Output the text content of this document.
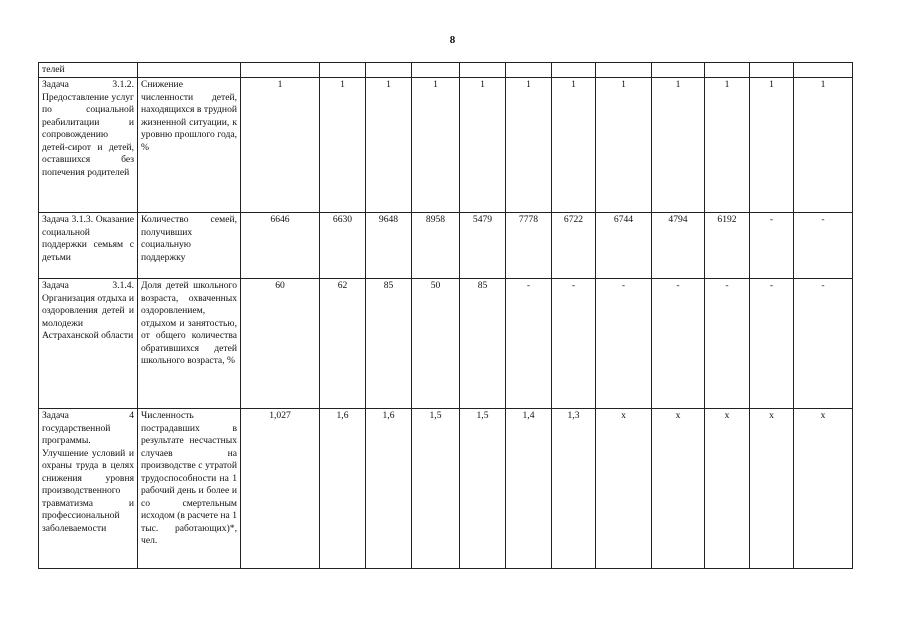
8
телей													
Задача 3.1.2. Предоставление услуг по социальной реабилитации и сопровождению детей-сирот и детей, оставшихся без попечения родителей	Снижение численности детей, находящихся в трудной жизненной ситуации, к уровню прошлого года, %	1	1	1	1	1	1	1	1	1	1	1	1
Задача 3.1.3. Оказание социальной поддержки семьям с детьми	Количество семей, получивших социальную поддержку	6646	6630	9648	8958	5479	7778	6722	6744	4794	6192	-	-
Задача 3.1.4. Организация отдыха и оздоровления детей и молодежи Астраханской области	Доля детей школьного возраста, охваченных оздоровлением, отдыхом и занятостью, от общего количества обратившихся детей школьного возраста, %	60	62	85	50	85	-	-	-	-	-	-	-
Задача 4 государственной программы. Улучшение условий и охраны труда в целях снижения уровня производственного травматизма и профессиональной заболеваемости	Численность пострадавших в результате несчастных случаев на производстве с утратой трудоспособности на 1 рабочий день и более и со смертельным исходом (в расчете на 1 тыс. работающих)*, чел.	1,027	1,6	1,6	1,5	1,5	1,4	1,3	x	x	x	x	x
